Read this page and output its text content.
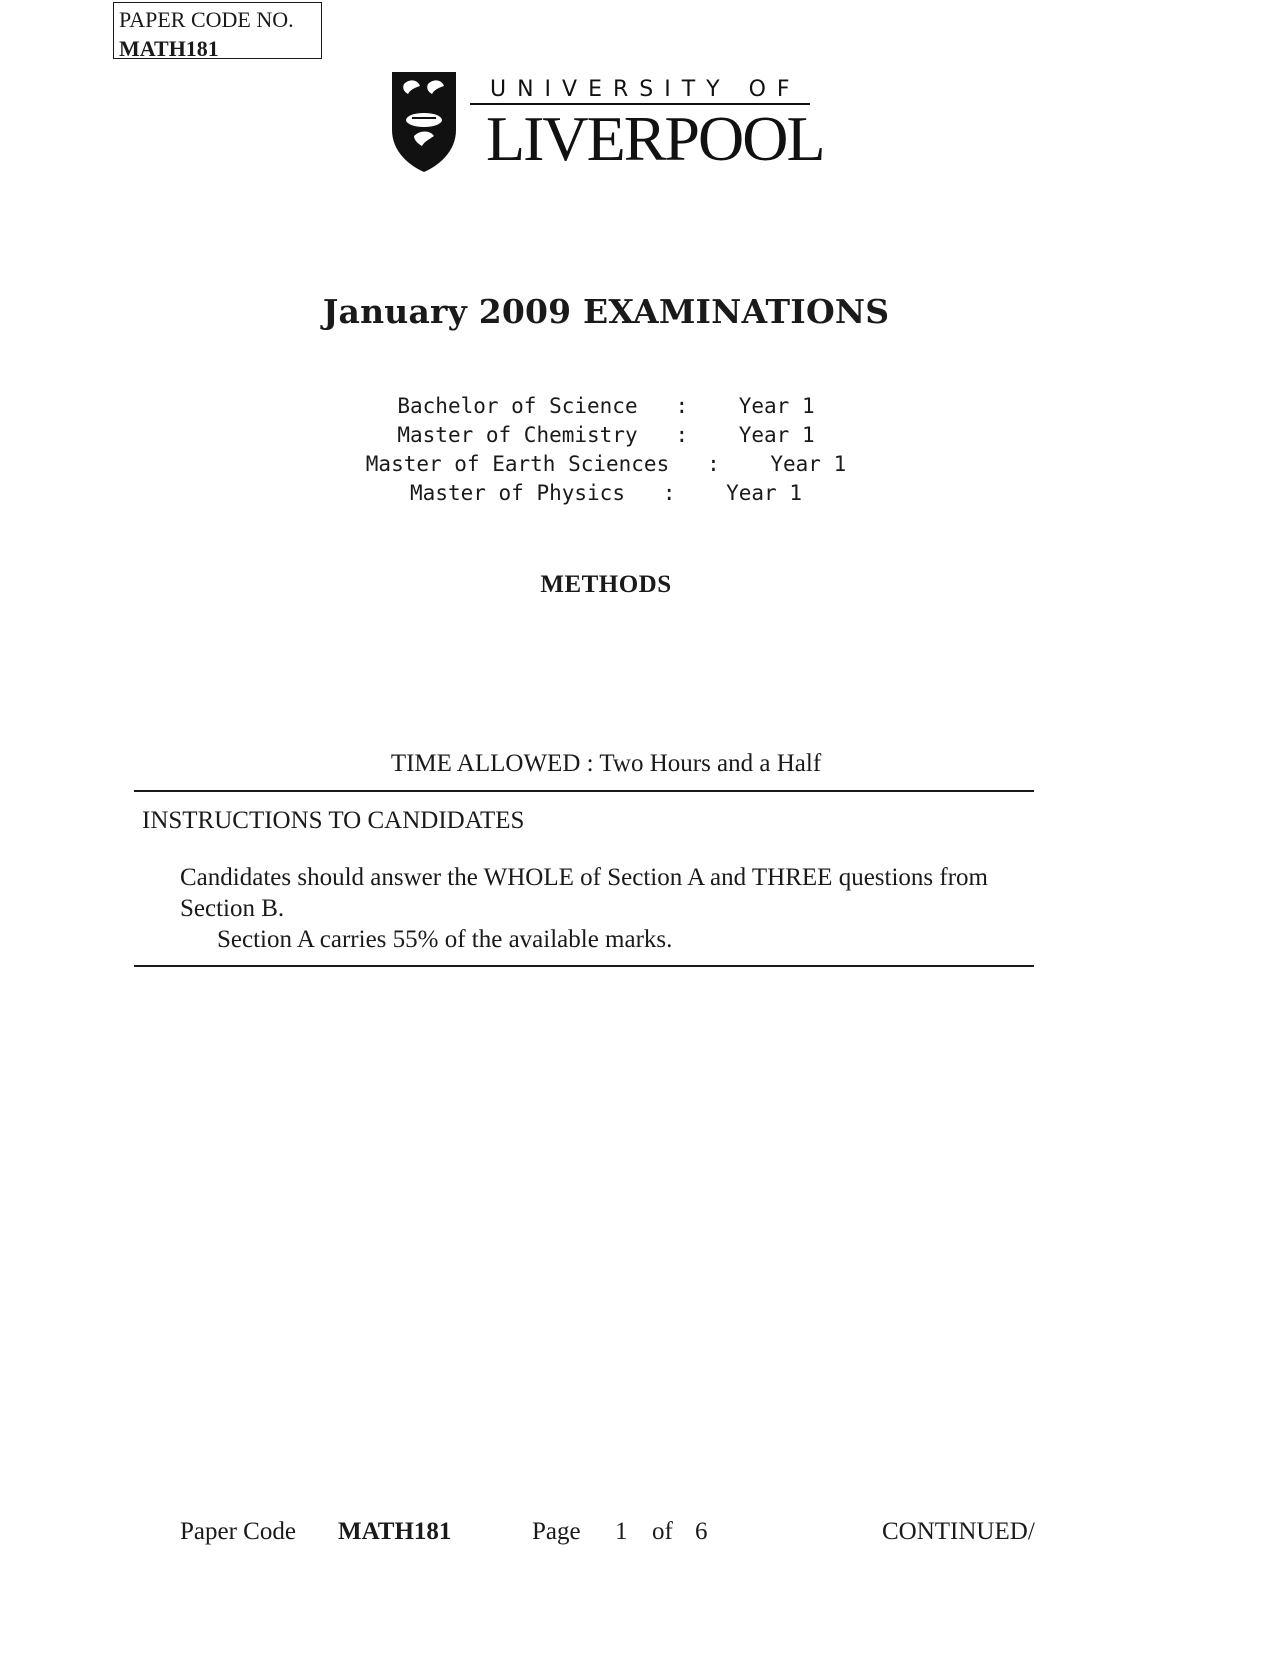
PAPER CODE NO.
MATH181
UNIVERSITY OF
LIVERPOOL
January 2009 EXAMINATIONS
Bachelor of Science   :    Year 1
Master of Chemistry   :    Year 1
Master of Earth Sciences   :    Year 1
Master of Physics   :    Year 1
METHODS
TIME ALLOWED : Two Hours and a Half
INSTRUCTIONS TO CANDIDATES
Candidates should answer the WHOLE of Section A and THREE questions from
Section B.
Section A carries 55% of the available marks.
Paper Code MATH181	Page 1 of 6	CONTINUED/
